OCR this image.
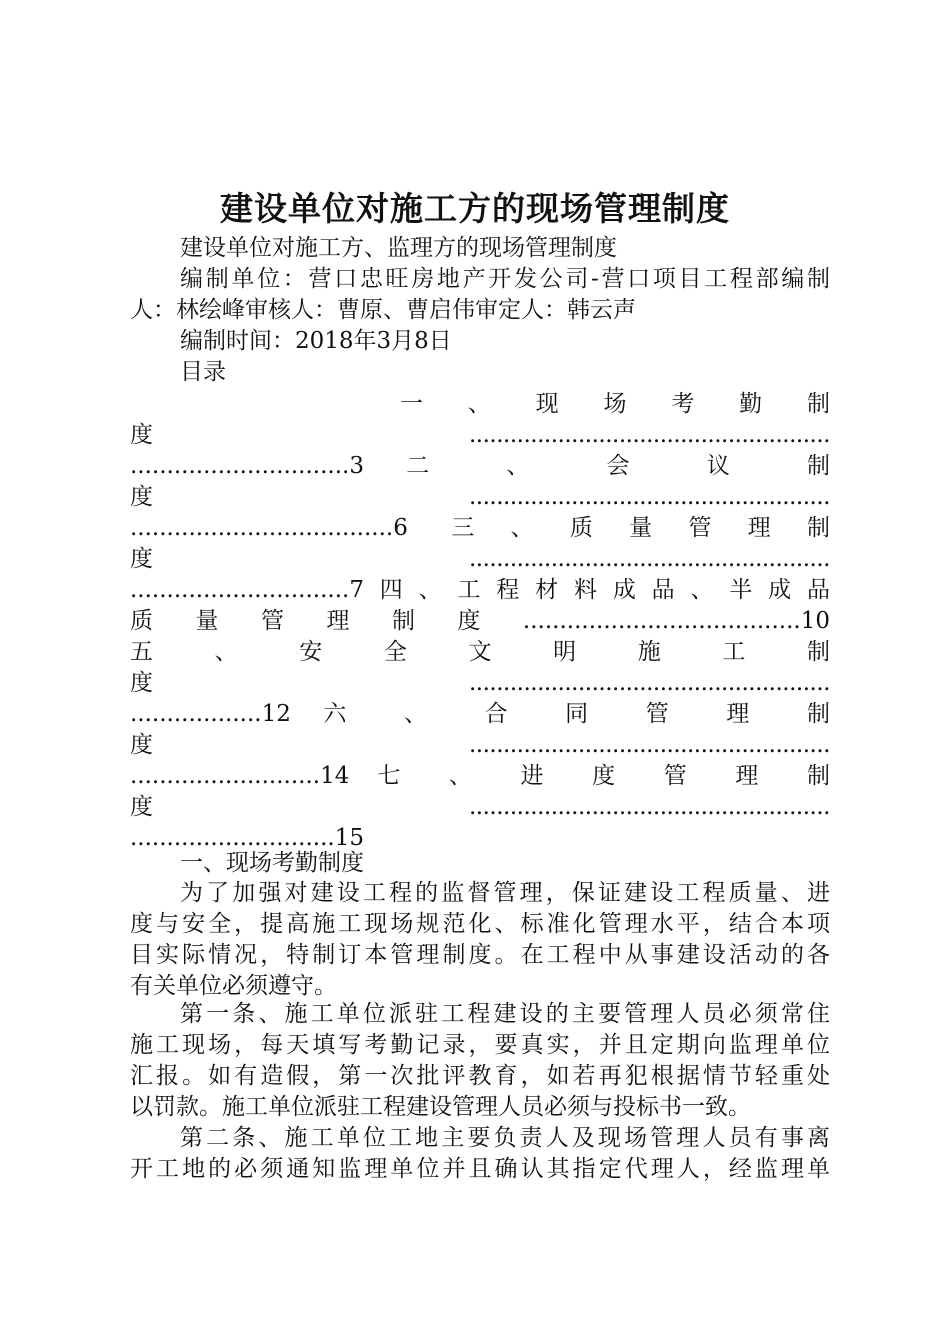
建设单位对施工方的现场管理制度
建设单位对施工方、监理方的现场管理制度
编制单位：营口忠旺房地产开发公司-营口项目工程部编制
人：林绘峰审核人：曹原、曹启伟审定人：韩云声
编制时间：2018年3月8日
目录
一 、 现 场 考 勤 制
度.....................................................
..............................3 二 、 会 议 制
度.....................................................
....................................6 三、质量管理制
度.....................................................
..............................7四、工程材料成品、半成品
质量管理制度......................................10
五 、 安 全 文 明 施 工 制
度.....................................................
..................12 六 、 合 同 管 理 制
度.....................................................
..........................14 七 、 进 度 管 理 制
度.....................................................
............................15
一、现场考勤制度
为了加强对建设工程的监督管理，保证建设工程质量、进
度与安全，提高施工现场规范化、标准化管理水平，结合本项
目实际情况，特制订本管理制度。在工程中从事建设活动的各
有关单位必须遵守。
第一条、施工单位派驻工程建设的主要管理人员必须常住
施工现场，每天填写考勤记录，要真实，并且定期向监理单位
汇报。如有造假，第一次批评教育，如若再犯根据情节轻重处
以罚款。施工单位派驻工程建设管理人员必须与投标书一致。
第二条、施工单位工地主要负责人及现场管理人员有事离
开工地的必须通知监理单位并且确认其指定代理人，经监理单
